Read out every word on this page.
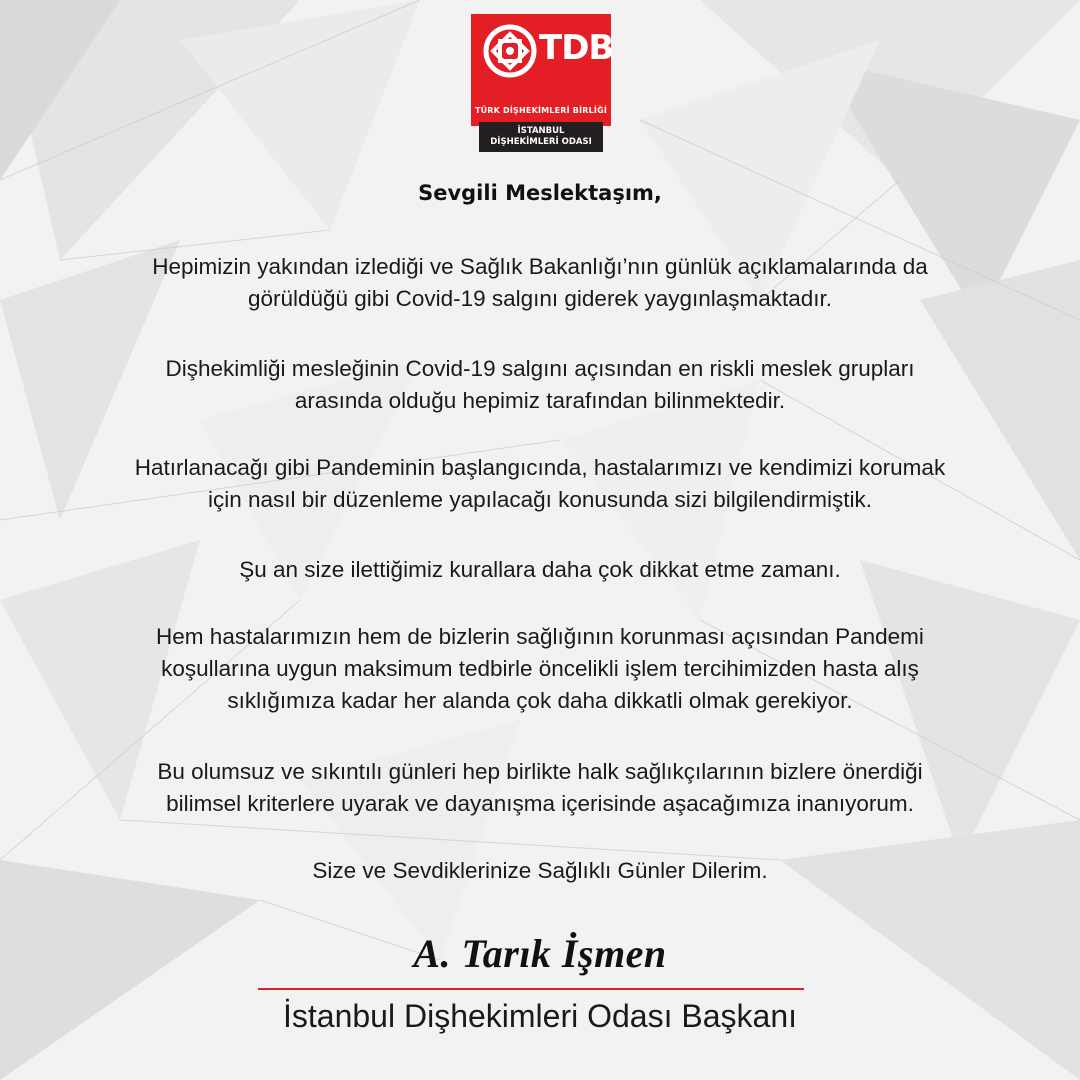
TDB
TÜRK DİŞHEKİMLERİ BİRLİĞİ
İSTANBUL
DİŞHEKİMLERİ ODASI
Sevgili Meslektaşım,
Hepimizin yakından izlediği ve Sağlık Bakanlığı’nın günlük açıklamalarında da
görüldüğü gibi Covid-19 salgını giderek yaygınlaşmaktadır.
Dişhekimliği mesleğinin Covid-19 salgını açısından en riskli meslek grupları
arasında olduğu hepimiz tarafından bilinmektedir.
Hatırlanacağı gibi Pandeminin başlangıcında, hastalarımızı ve kendimizi korumak
için nasıl bir düzenleme yapılacağı konusunda sizi bilgilendirmiştik.
Şu an size ilettiğimiz kurallara daha çok dikkat etme zamanı.
Hem hastalarımızın hem de bizlerin sağlığının korunması açısından Pandemi
koşullarına uygun maksimum tedbirle öncelikli işlem tercihimizden hasta alış
sıklığımıza kadar her alanda çok daha dikkatli olmak gerekiyor.
Bu olumsuz ve sıkıntılı günleri hep birlikte halk sağlıkçılarının bizlere önerdiği
bilimsel kriterlere uyarak ve dayanışma içerisinde aşacağımıza inanıyorum.
Size ve Sevdiklerinize Sağlıklı Günler Dilerim.
A. Tarık İşmen
İstanbul Dişhekimleri Odası Başkanı
